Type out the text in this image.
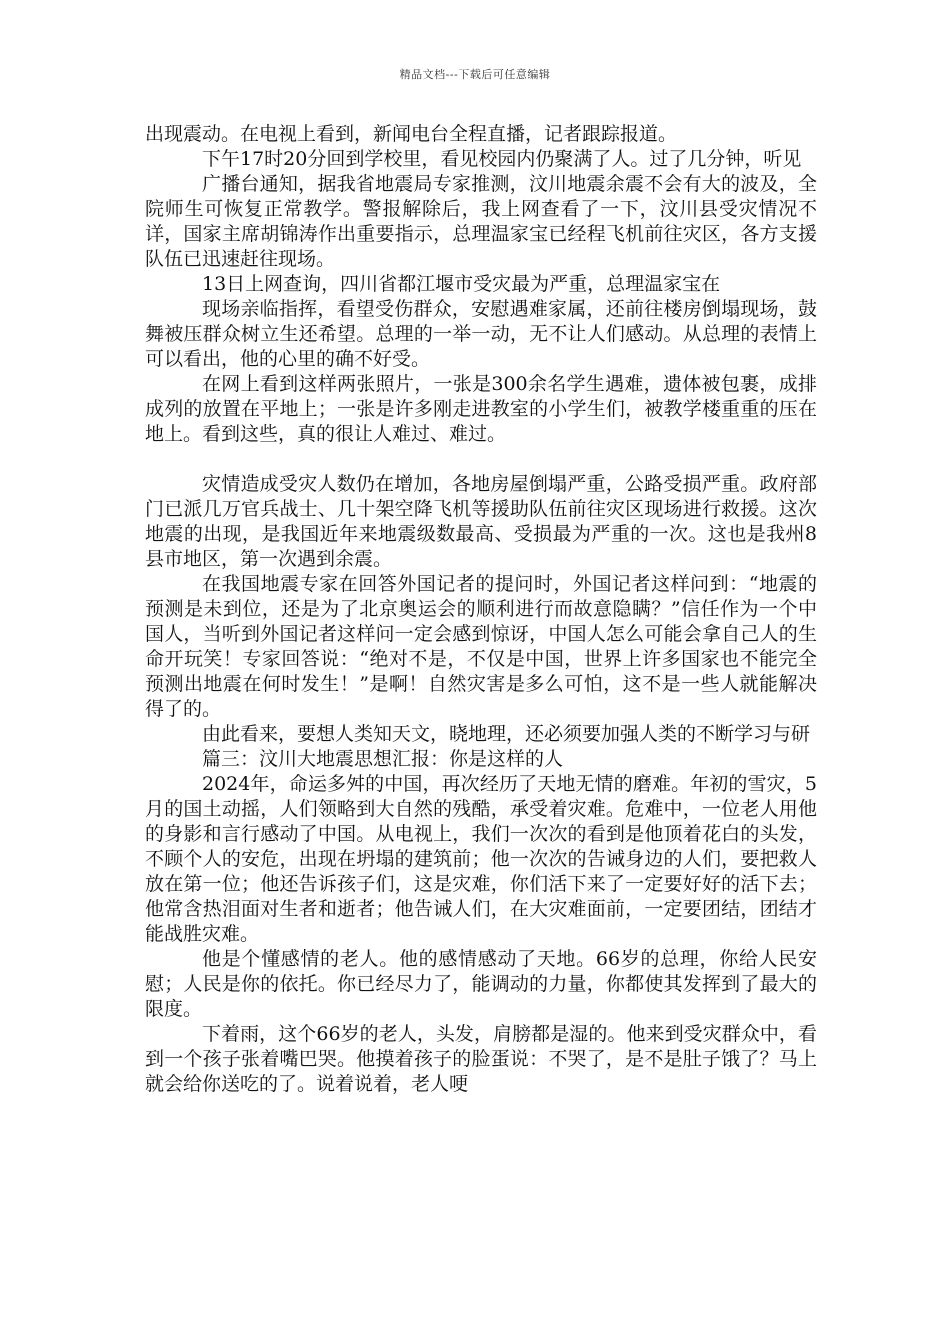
精品文档---下载后可任意编辑

出现震动。在电视上看到，新闻电台全程直播，记者跟踪报道。

下午17时20分回到学校里，看见校园内仍聚满了人。过了几分钟，听见

广播台通知，据我省地震局专家推测，汶川地震余震不会有大的波及，全院师生可恢复正常教学。警报解除后，我上网查看了一下，汶川县受灾情况不详，国家主席胡锦涛作出重要指示，总理温家宝已经程飞机前往灾区，各方支援队伍已迅速赶往现场。

13日上网查询，四川省都江堰市受灾最为严重，总理温家宝在

现场亲临指挥，看望受伤群众，安慰遇难家属，还前往楼房倒塌现场，鼓舞被压群众树立生还希望。总理的一举一动，无不让人们感动。从总理的表情上可以看出，他的心里的确不好受。

在网上看到这样两张照片，一张是300余名学生遇难，遗体被包裹，成排成列的放置在平地上；一张是许多刚走进教室的小学生们，被教学楼重重的压在地上。看到这些，真的很让人难过、难过。

灾情造成受灾人数仍在增加，各地房屋倒塌严重，公路受损严重。政府部门已派几万官兵战士、几十架空降飞机等援助队伍前往灾区现场进行救援。这次地震的出现，是我国近年来地震级数最高、受损最为严重的一次。这也是我州8县市地区，第一次遇到余震。

在我国地震专家在回答外国记者的提问时，外国记者这样问到：“地震的预测是未到位，还是为了北京奥运会的顺利进行而故意隐瞒？”信任作为一个中国人，当听到外国记者这样问一定会感到惊讶，中国人怎么可能会拿自己人的生命开玩笑！专家回答说：“绝对不是，不仅是中国，世界上许多国家也不能完全预测出地震在何时发生！”是啊！自然灾害是多么可怕，这不是一些人就能解决得了的。

由此看来，要想人类知天文，晓地理，还必须要加强人类的不断学习与研

篇三：汶川大地震思想汇报：你是这样的人

2024年，命运多舛的中国，再次经历了天地无情的磨难。年初的雪灾，5月的国土动摇，人们领略到大自然的残酷，承受着灾难。危难中，一位老人用他的身影和言行感动了中国。从电视上，我们一次次的看到是他顶着花白的头发，不顾个人的安危，出现在坍塌的建筑前；他一次次的告诫身边的人们，要把救人放在第一位；他还告诉孩子们，这是灾难，你们活下来了一定要好好的活下去；他常含热泪面对生者和逝者；他告诫人们，在大灾难面前，一定要团结，团结才能战胜灾难。

他是个懂感情的老人。他的感情感动了天地。66岁的总理，你给人民安慰；人民是你的依托。你已经尽力了，能调动的力量，你都使其发挥到了最大的限度。

下着雨，这个66岁的老人，头发，肩膀都是湿的。他来到受灾群众中，看到一个孩子张着嘴巴哭。他摸着孩子的脸蛋说：不哭了，是不是肚子饿了？马上就会给你送吃的了。说着说着，老人哽
